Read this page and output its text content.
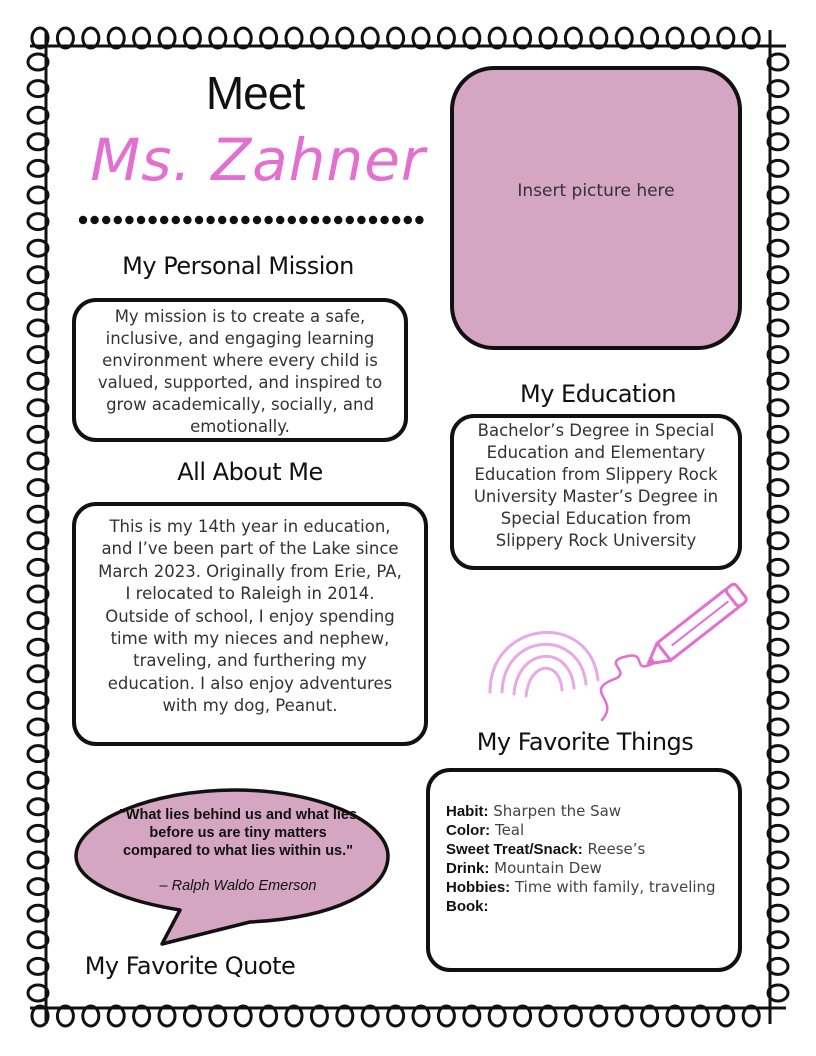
Meet
Ms. Zahner
My Personal Mission
My mission is to create a safe, inclusive, and engaging learning environment where every child is valued, supported, and inspired to grow academically, socially, and emotionally.
All About Me
This is my 14th year in education, and I’ve been part of the Lake since March 2023. Originally from Erie, PA, I relocated to Raleigh in 2014. Outside of school, I enjoy spending time with my nieces and nephew, traveling, and furthering my education. I also enjoy adventures with my dog, Peanut.
Insert picture here
My Education
Bachelor’s Degree in Special Education and Elementary Education from Slippery Rock University Master’s Degree in Special Education from Slippery Rock University
My Favorite Things
Habit: Sharpen the Saw
Color: Teal
Sweet Treat/Snack: Reese’s
Drink: Mountain Dew
Hobbies: Time with family, traveling
Book:
"What lies behind us and what lies before us are tiny matters compared to what lies within us."
– Ralph Waldo Emerson
My Favorite Quote
